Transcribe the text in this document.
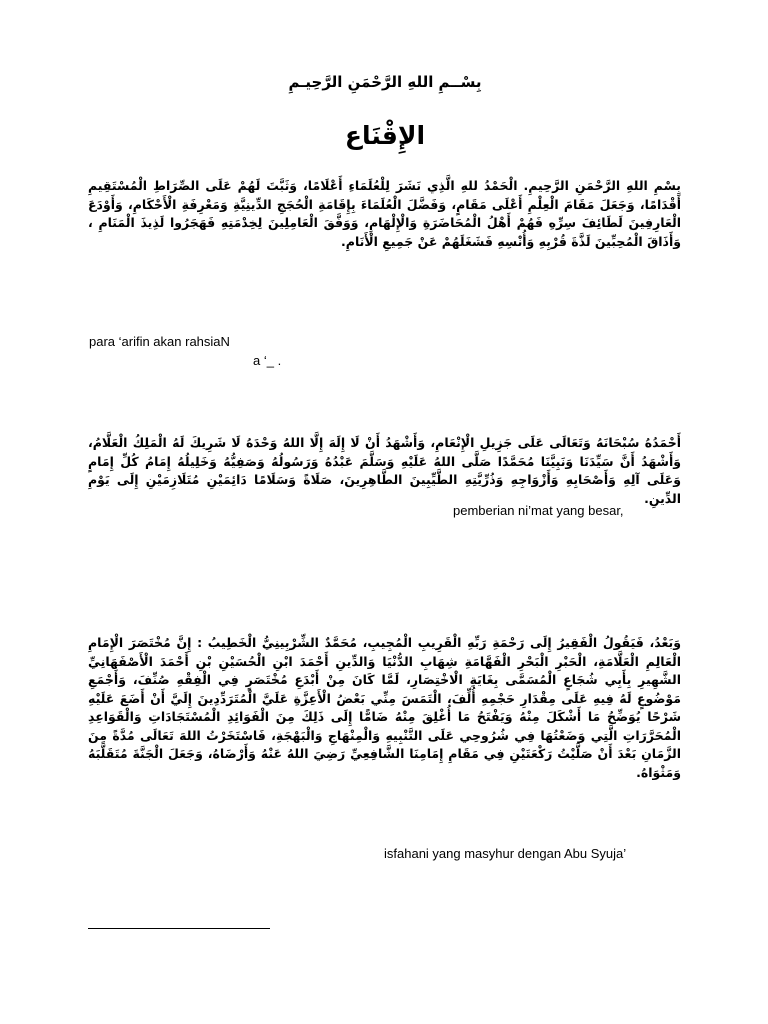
بِسْــمِ اللهِ الرَّحْمَنِ الرَّحِيـمِ
الإِقْنَاع
بِسْمِ اللهِ الرَّحْمَنِ الرَّحِيمِ. الْحَمْدُ للهِ الَّذِي نَشَرَ لِلْعُلَمَاءِ أَعْلَامًا، وَثَبَّتَ لَهُمْ عَلَى الصِّرَاطِ الْمُسْتَقِيمِ أَقْدَامًا، وَجَعَلَ مَقَامَ الْعِلْمِ أَعْلَى مَقَامٍ، وَفَضَّلَ الْعُلَمَاءَ بِإِقَامَةِ الْحُجَجِ الدِّينِيَّةِ وَمَعْرِفَةِ الْأَحْكَامِ، وَأَوْدَعَ الْعَارِفِينَ لَطَائِفَ سِرِّهِ فَهُمْ أَهْلُ الْمُحَاضَرَةِ وَالْإِلْهَامِ، وَوَفَّقَ الْعَامِلِينَ لِخِدْمَتِهِ فَهَجَرُوا لَذِيذَ الْمَنَامِ ، وَأَذَاقَ الْمُحِبِّينَ لَذَّةَ قُرْبِهِ وَأُنْسِهِ فَشَغَلَهُمْ عَنْ جَمِيعِ الْأَنَامِ.
para ‘arifin akan rahsiaN
a ‘_ .
أَحْمَدُهُ سُبْحَانَهُ وَتَعَالَى عَلَى جَزِيلِ الْإِنْعَامِ، وَأَشْهَدُ أَنْ لَا إِلَهَ إِلَّا اللهُ وَحْدَهُ لَا شَرِيكَ لَهُ الْمَلِكُ الْعَلَّامُ، وَأَشْهَدُ أَنَّ سَيِّدَنَا وَنَبِيَّنَا مُحَمَّدًا صَلَّى اللهُ عَلَيْهِ وَسَلَّمَ عَبْدُهُ وَرَسُولُهُ وَصَفِيُّهُ وَخَلِيلُهُ إِمَامُ كُلِّ إِمَامٍ وَعَلَى آلِهِ وَأَصْحَابِهِ وَأَزْوَاجِهِ وَذُرِّيَّتِهِ الطَّيِّبِينَ الطَّاهِرِينَ، صَلَاةً وَسَلَامًا دَائِمَيْنِ مُتَلَازِمَيْنِ إِلَى يَوْمِ الدِّينِ.
pemberian ni’mat yang besar,
وَبَعْدُ، فَيَقُولُ الْفَقِيرُ إِلَى رَحْمَةِ رَبِّهِ الْقَرِيبِ الْمُجِيبِ، مُحَمَّدٌ الشِّرْبِينِيُّ الْخَطِيبُ : إِنَّ مُخْتَصَرَ الْإِمَامِ الْعَالِمِ الْعَلَّامَةِ، الْحَبْرِ الْبَحْرِ الْفَهَّامَةِ شِهَابِ الدُّنْيَا وَالدِّينِ أَحْمَدَ ابْنِ الْحُسَيْنِ بْنِ أَحْمَدَ الْأَصْفَهَانِيِّ الشَّهِيرِ بِأَبِي شُجَاعٍ الْمُسَمَّى بِغَايَةِ الْاخْتِصَارِ، لَمَّا كَانَ مِنْ أَبْدَعِ مُخْتَصَرٍ فِي الْفِقْهِ صُنِّفَ، وَأَجْمَعِ مَوْضُوعٍ لَهُ فِيهِ عَلَى مِقْدَارِ حَجْمِهِ أُلِّفَ، الْتَمَسَ مِنِّي بَعْضُ الْأَعِزَّةِ عَلَيَّ الْمُتَرَدِّدِينَ إِلَيَّ أَنْ أَضَعَ عَلَيْهِ شَرْحًا يُوَضِّحُ مَا أَشْكَلَ مِنْهُ وَيَفْتَحُ مَا أُغْلِقَ مِنْهُ ضَامًّا إِلَى ذَلِكَ مِنَ الْفَوَائِدِ الْمُسْتَجَادَاتِ وَالْقَوَاعِدِ الْمُحَرَّرَاتِ الَّتِي وَضَعْتُهَا فِي شُرُوحِي عَلَى التَّنْبِيهِ وَالْمِنْهَاجِ وَالْبَهْجَةِ، فَاسْتَخَرْتُ اللهَ تَعَالَى مُدَّةً مِنَ الزَّمَانِ بَعْدَ أَنْ صَلَّيْتُ رَكْعَتَيْنِ فِي مَقَامِ إِمَامِنَا الشَّافِعِيِّ رَضِيَ اللهُ عَنْهُ وَأَرْضَاهُ، وَجَعَلَ الْجَنَّةَ مُتَقَلَّبَهُ وَمَثْوَاهُ.
isfahani yang masyhur dengan Abu Syuja’
